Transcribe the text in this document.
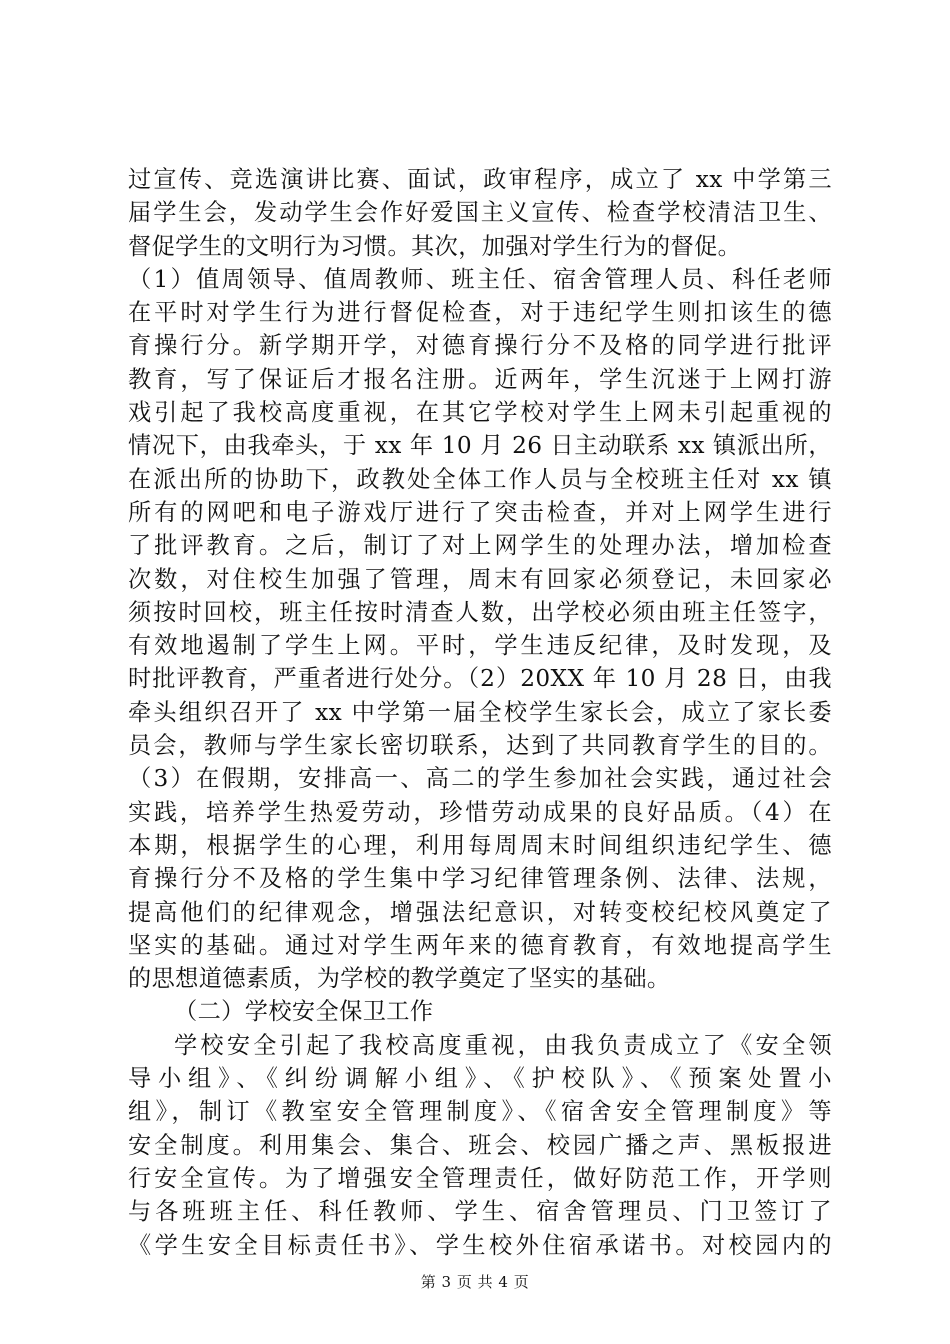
过宣传、竞选演讲比赛、面试，政审程序，成立了 xx 中学第三
届学生会，发动学生会作好爱国主义宣传、检查学校清洁卫生、
督促学生的文明行为习惯。其次，加强对学生行为的督促。
（1）值周领导、值周教师、班主任、宿舍管理人员、科任老师
在平时对学生行为进行督促检查，对于违纪学生则扣该生的德
育操行分。新学期开学，对德育操行分不及格的同学进行批评
教育，写了保证后才报名注册。近两年，学生沉迷于上网打游
戏引起了我校高度重视，在其它学校对学生上网未引起重视的
情况下，由我牵头，于 xx 年 10 月 26 日主动联系 xx 镇派出所，
在派出所的协助下，政教处全体工作人员与全校班主任对 xx 镇
所有的网吧和电子游戏厅进行了突击检查，并对上网学生进行
了批评教育。之后，制订了对上网学生的处理办法，增加检查
次数，对住校生加强了管理，周末有回家必须登记，未回家必
须按时回校，班主任按时清查人数，出学校必须由班主任签字，
有效地遏制了学生上网。平时，学生违反纪律，及时发现，及
时批评教育，严重者进行处分。（2）20XX 年 10 月 28 日，由我
牵头组织召开了 xx 中学第一届全校学生家长会，成立了家长委
员会，教师与学生家长密切联系，达到了共同教育学生的目的。
（3）在假期，安排高一、高二的学生参加社会实践，通过社会
实践，培养学生热爱劳动，珍惜劳动成果的良好品质。（4）在
本期，根据学生的心理，利用每周周末时间组织违纪学生、德
育操行分不及格的学生集中学习纪律管理条例、法律、法规，
提高他们的纪律观念，增强法纪意识，对转变校纪校风奠定了
坚实的基础。通过对学生两年来的德育教育，有效地提高学生
的思想道德素质，为学校的教学奠定了坚实的基础。
（二）学校安全保卫工作
学校安全引起了我校高度重视，由我负责成立了《安全领
导小组》、《纠纷调解小组》、《护校队》、《预案处置小
组》，制订《教室安全管理制度》、《宿舍安全管理制度》等
安全制度。利用集会、集合、班会、校园广播之声、黑板报进
行安全宣传。为了增强安全管理责任，做好防范工作，开学则
与各班班主任、科任教师、学生、宿舍管理员、门卫签订了
《学生安全目标责任书》、学生校外住宿承诺书。对校园内的
第 3 页 共 4 页
